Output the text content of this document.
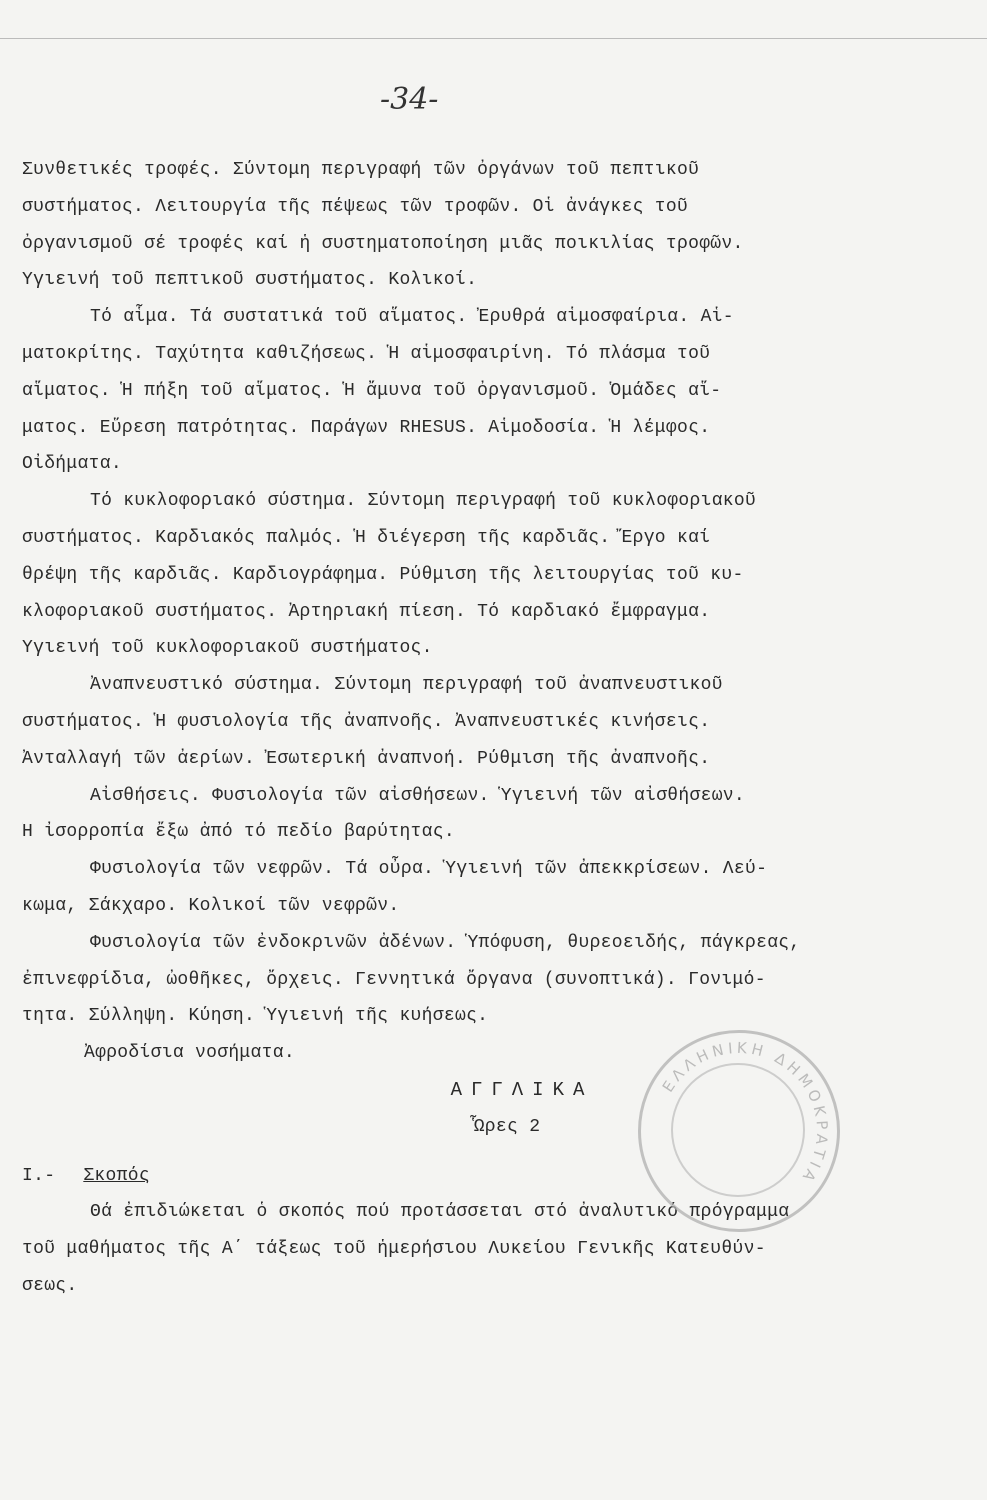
-34-
Συνθετικές τροφές. Σύντομη περιγραφή τῶν ὀργάνων τοῦ πεπτικοῦ
συστήματος. Λειτουργία τῆς πέψεως τῶν τροφῶν. Οἱ ἀνάγκες τοῦ
ὀργανισμοῦ σέ τροφές καί ἡ συστηματοποίηση μιᾶς ποικιλίας τροφῶν.
Ὑγιεινή τοῦ πεπτικοῦ συστήματος. Κολικοί.
Τό αἷμα. Τά συστατικά τοῦ αἵματος. Ἐρυθρά αἱμοσφαίρια. Αἱ-
ματοκρίτης. Ταχύτητα καθιζήσεως. Ἡ αἱμοσφαιρίνη. Τό πλάσμα τοῦ
αἵματος. Ἡ πήξη τοῦ αἵματος. Ἡ ἄμυνα τοῦ ὀργανισμοῦ. Ὁμάδες αἵ-
ματος. Εὕρεση πατρότητας. Παράγων RHESUS. Αἱμοδοσία. Ἡ λέμφος.
Οἰδήματα.
Τό κυκλοφοριακό σύστημα. Σύντομη περιγραφή τοῦ κυκλοφοριακοῦ
συστήματος. Καρδιακός παλμός. Ἡ διέγερση τῆς καρδιᾶς. Ἔργο καί
θρέψη τῆς καρδιᾶς. Καρδιογράφημα. Ρύθμιση τῆς λειτουργίας τοῦ κυ-
κλοφοριακοῦ συστήματος. Ἀρτηριακή πίεση. Τό καρδιακό ἔμφραγμα.
Ὑγιεινή τοῦ κυκλοφοριακοῦ συστήματος.
Ἀναπνευστικό σύστημα. Σύντομη περιγραφή τοῦ ἀναπνευστικοῦ
συστήματος. Ἡ φυσιολογία τῆς ἀναπνοῆς. Ἀναπνευστικές κινήσεις.
Ἀνταλλαγή τῶν ἀερίων. Ἐσωτερική ἀναπνοή. Ρύθμιση τῆς ἀναπνοῆς.
Αἰσθήσεις. Φυσιολογία τῶν αἰσθήσεων. Ὑγιεινή τῶν αἰσθήσεων.
Ἡ ἰσορροπία ἔξω ἀπό τό πεδίο βαρύτητας.
Φυσιολογία τῶν νεφρῶν. Τά οὖρα. Ὑγιεινή τῶν ἀπεκκρίσεων. Λεύ-
κωμα, Σάκχαρο. Κολικοί τῶν νεφρῶν.
Φυσιολογία τῶν ἐνδοκρινῶν ἀδένων. Ὑπόφυση, θυρεοειδής, πάγκρεας,
ἐπινεφρίδια, ὠοθῆκες, ὄρχεις. Γεννητικά ὄργανα (συνοπτικά). Γονιμό-
τητα. Σύλληψη. Κύηση. Ὑγιεινή τῆς κυήσεως.
Ἀφροδίσια νοσήματα.
ΑΓΓΛΙΚΑ
Ὧρες 2
Ι.- Σκοπός
Θά ἐπιδιώκεται ὁ σκοπός πού προτάσσεται στό ἀναλυτικό πρόγραμμα
τοῦ μαθήματος τῆς Α΄ τάξεως τοῦ ἡμερήσιου Λυκείου Γενικῆς Κατευθύν-
σεως.
ΕΛΛΗΝΙΚΗ ΔΗΜΟΚΡΑΤΙΑ
